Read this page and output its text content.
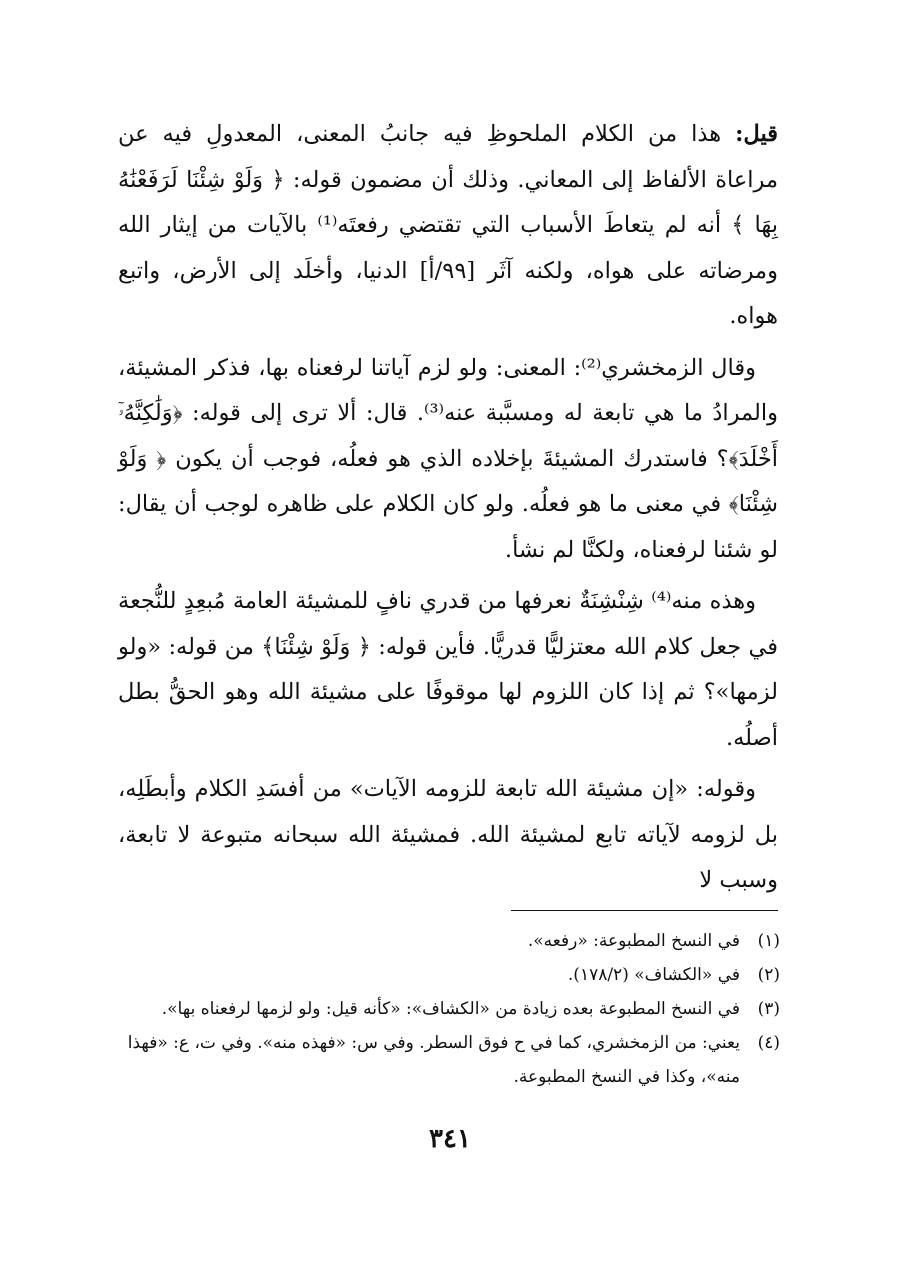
قيل: هذا من الكلام الملحوظِ فيه جانبُ المعنى، المعدولِ فيه عن مراعاة الألفاظ إلى المعاني. وذلك أن مضمون قوله: ﴿ وَلَوْ شِئْنَا لَرَفَعْنَٰهُ بِهَا ﴾ أنه لم يتعاطَ الأسباب التي تقتضي رفعتَه⁽¹⁾ بالآيات من إيثار الله ومرضاته على هواه، ولكنه آثَر [٩٩/أ] الدنيا، وأخلَد إلى الأرض، واتبع هواه.

وقال الزمخشري⁽²⁾: المعنى: ولو لزم آياتنا لرفعناه بها، فذكر المشيئة، والمرادُ ما هي تابعة له ومسبَّبة عنه⁽³⁾. قال: ألا ترى إلى قوله: ﴿وَلَٰكِنَّهُۥٓ أَخْلَدَ﴾؟ فاستدرك المشيئةَ بإخلاده الذي هو فعلُه، فوجب أن يكون ﴿ وَلَوْ شِئْنَا﴾ في معنى ما هو فعلُه. ولو كان الكلام على ظاهره لوجب أن يقال: لو شئنا لرفعناه، ولكنَّا لم نشأ.

وهذه منه⁽⁴⁾ شِنْشِنَةٌ نعرفها من قدري نافٍ للمشيئة العامة مُبعِدٍ للنُّجعة في جعل كلام الله معتزليًّا قدريًّا. فأين قوله: ﴿ وَلَوْ شِئْنَا﴾ من قوله: «ولو لزمها»؟ ثم إذا كان اللزوم لها موقوفًا على مشيئة الله وهو الحقُّ بطل أصلُه.

وقوله: «إن مشيئة الله تابعة للزومه الآيات» من أفسَدِ الكلام وأبطَلِه، بل لزومه لآياته تابع لمشيئة الله. فمشيئة الله سبحانه متبوعة لا تابعة، وسبب لا

(١)
في النسخ المطبوعة: «رفعه».
(٢)
في «الكشاف» (١٧٨/٢).
(٣)
في النسخ المطبوعة بعده زيادة من «الكشاف»: «كأنه قيل: ولو لزمها لرفعناه بها».
(٤)
يعني: من الزمخشري، كما في ح فوق السطر. وفي س: «فهذه منه». وفي ت، ع: «فهذا منه»، وكذا في النسخ المطبوعة.
٣٤١
